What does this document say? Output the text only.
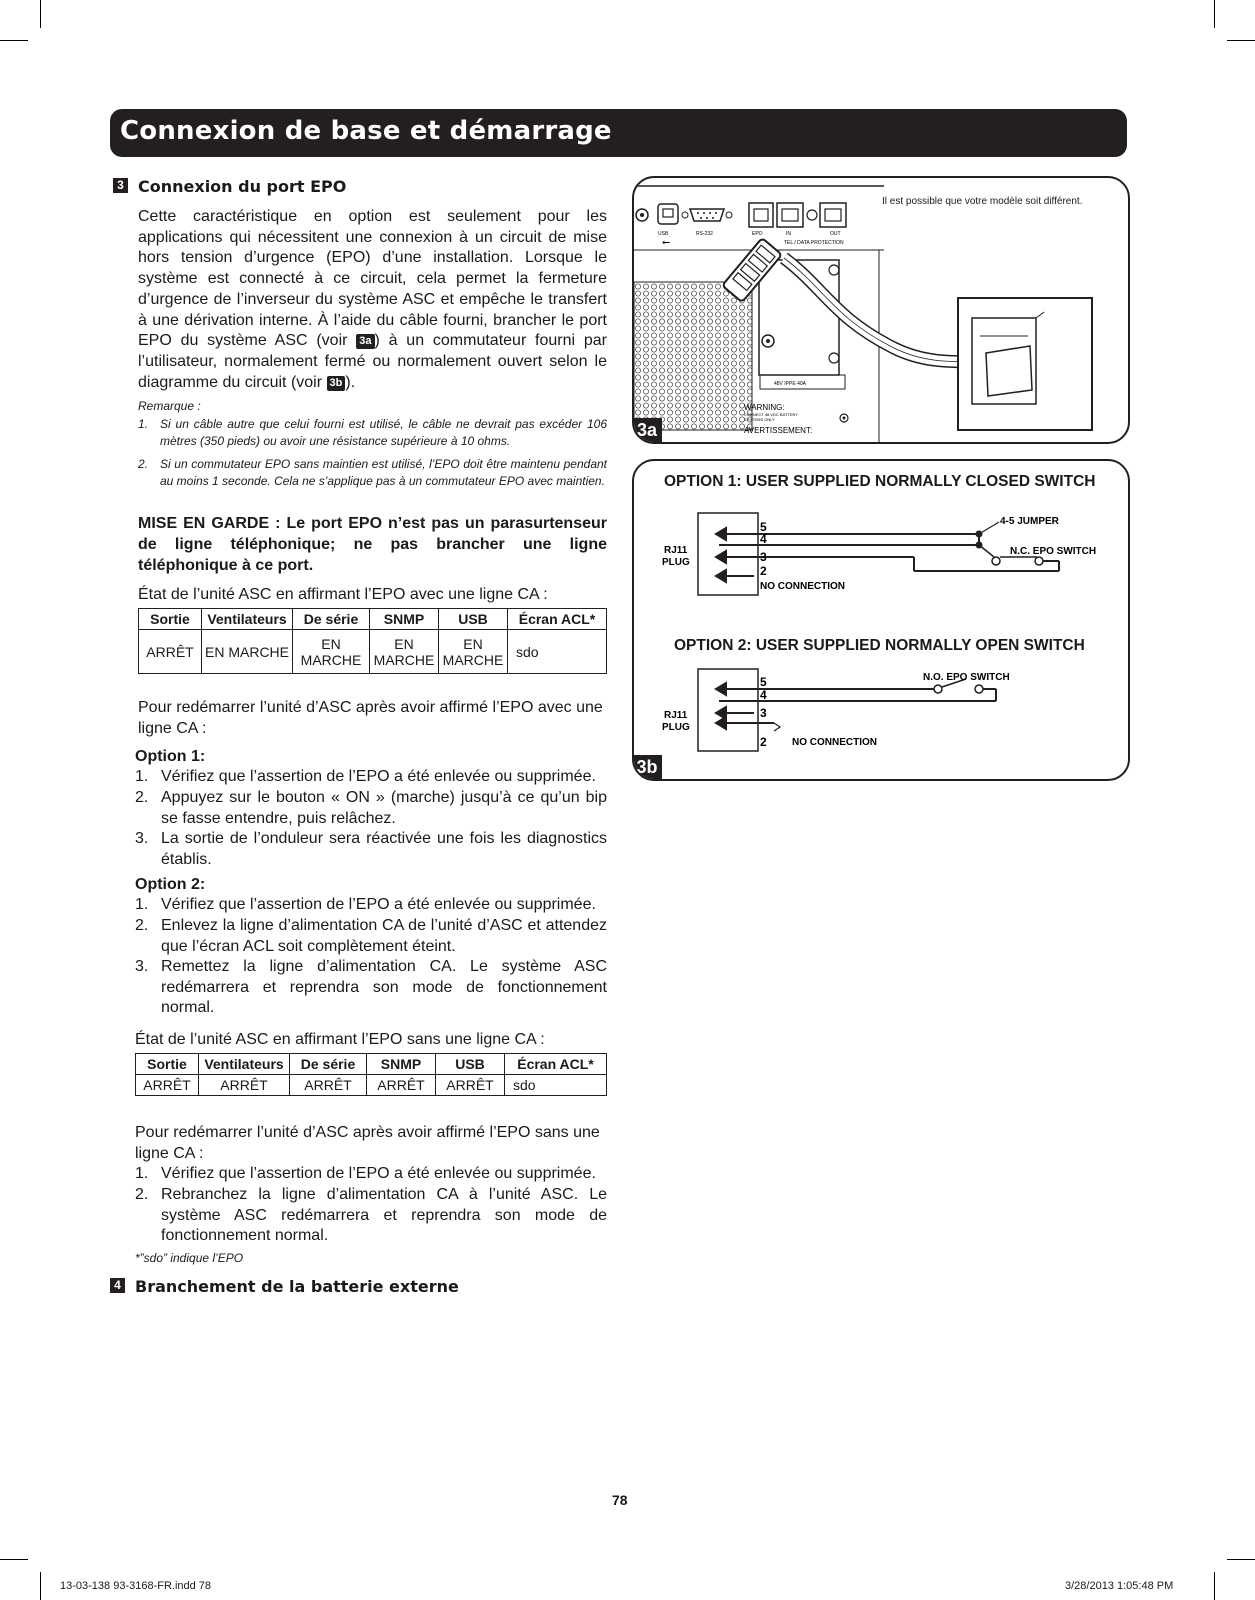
Connexion de base et démarrage
3 Connexion du port EPO
Cette caractéristique en option est seulement pour les applications qui nécessitent une connexion à un circuit de mise hors tension d’urgence (EPO) d’une installation. Lorsque le système est connecté à ce circuit, cela permet la fermeture d’urgence de l’inverseur du système ASC et empêche le transfert à une dérivation interne. À l’aide du câble fourni, brancher le port EPO du système ASC (voir 3a ) à un commutateur fourni par l’utilisateur, normalement fermé ou normalement ouvert selon le diagramme du circuit (voir 3b ).
Remarque :
1. Si un câble autre que celui fourni est utilisé, le câble ne devrait pas excéder 106 mètres (350 pieds) ou avoir une résistance supérieure à 10 ohms.
2. Si un commutateur EPO sans maintien est utilisé, l’EPO doit être maintenu pendant au moins 1 seconde. Cela ne s’applique pas à un commutateur EPO avec maintien.
MISE EN GARDE : Le port EPO n’est pas un parasurtenseur de ligne téléphonique; ne pas brancher une ligne téléphonique à ce port.
État de l’unité ASC en affirmant l’EPO avec une ligne CA :
Sortie	Ventilateurs	De série	SNMP	USB	Écran ACL*
ARRÊT	EN MARCHE	EN MARCHE	EN MARCHE	EN MARCHE	sdo
Pour redémarrer l’unité d’ASC après avoir affirmé l’EPO avec une ligne CA :
Option 1:
1. Vérifiez que l’assertion de l’EPO a été enlevée ou supprimée.
2. Appuyez sur le bouton « ON » (marche) jusqu’à ce qu’un bip se fasse entendre, puis relâchez.
3. La sortie de l’onduleur sera réactivée une fois les diagnostics établis.
Option 2:
1. Vérifiez que l’assertion de l’EPO a été enlevée ou supprimée.
2. Enlevez la ligne d’alimentation CA de l’unité d’ASC et attendez que l’écran ACL soit complètement éteint.
3. Remettez la ligne d’alimentation CA. Le système ASC redémarrera et reprendra son mode de fonctionnement normal.
État de l’unité ASC en affirmant l’EPO sans une ligne CA :
Sortie	Ventilateurs	De série	SNMP	USB	Écran ACL*
ARRÊT	ARRÊT	ARRÊT	ARRÊT	ARRÊT	sdo
Pour redémarrer l’unité d’ASC après avoir affirmé l’EPO sans une ligne CA :
1. Vérifiez que l’assertion de l’EPO a été enlevée ou supprimée.
2. Rebranchez la ligne d’alimentation CA à l’unité ASC. Le système ASC redémarrera et reprendra son mode de fonctionnement normal.
*”sdo” indique l’EPO
4 Branchement de la batterie externe
USB
⭠
RS-232	EPO	IN	OUT
TEL / DATA PROTECTION
48V IPPE 40A
WARNING:
CONNECT 48 VDC BATTERY
SYSTEMS ONLY
AVERTISSEMENT:
Il est possible que votre modèle soit différent.
3a
OPTION 1: USER SUPPLIED NORMALLY CLOSED SWITCH
OPTION 2: USER SUPPLIED NORMALLY OPEN SWITCH
RJ11
PLUG
5
4
3
2
NO CONNECTION
4-5 JUMPER
N.C. EPO SWITCH
RJ11
PLUG
5
4
3
2	NO CONNECTION
N.O. EPO SWITCH
3b
78
13-03-138 93-3168-FR.indd 78	3/28/2013 1:05:48 PM
